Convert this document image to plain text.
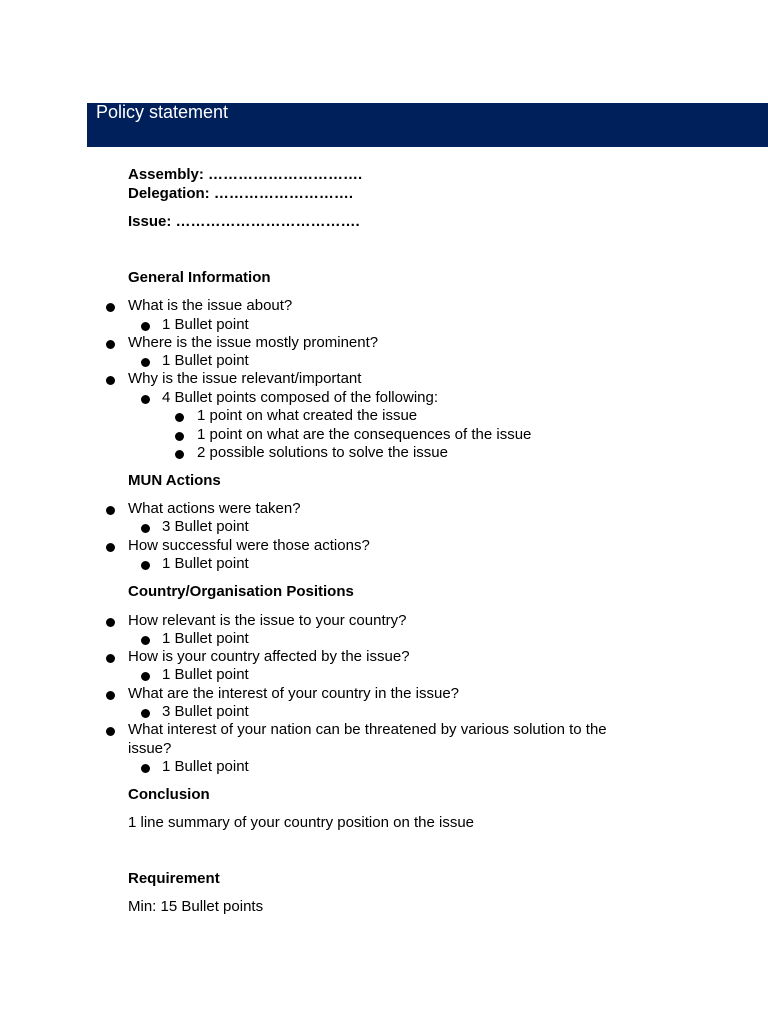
Policy statement
Assembly: ………………………….
Delegation: ……………………….
Issue: ……………………………….
General Information
What is the issue about?
1 Bullet point
Where is the issue mostly prominent?
1 Bullet point
Why is the issue relevant/important
4 Bullet points composed of the following:
1 point on what created the issue
1 point on what are the consequences of the issue
2 possible solutions to solve the issue
MUN Actions
What actions were taken?
3 Bullet point
How successful were those actions?
1 Bullet point
Country/Organisation Positions
How relevant is the issue to your country?
1 Bullet point
How is your country affected by the issue?
1 Bullet point
What are the interest of your country in the issue?
3 Bullet point
What interest of your nation can be threatened by various solution to the
issue?
1 Bullet point
Conclusion
1 line summary of your country position on the issue
Requirement
Min: 15 Bullet points
